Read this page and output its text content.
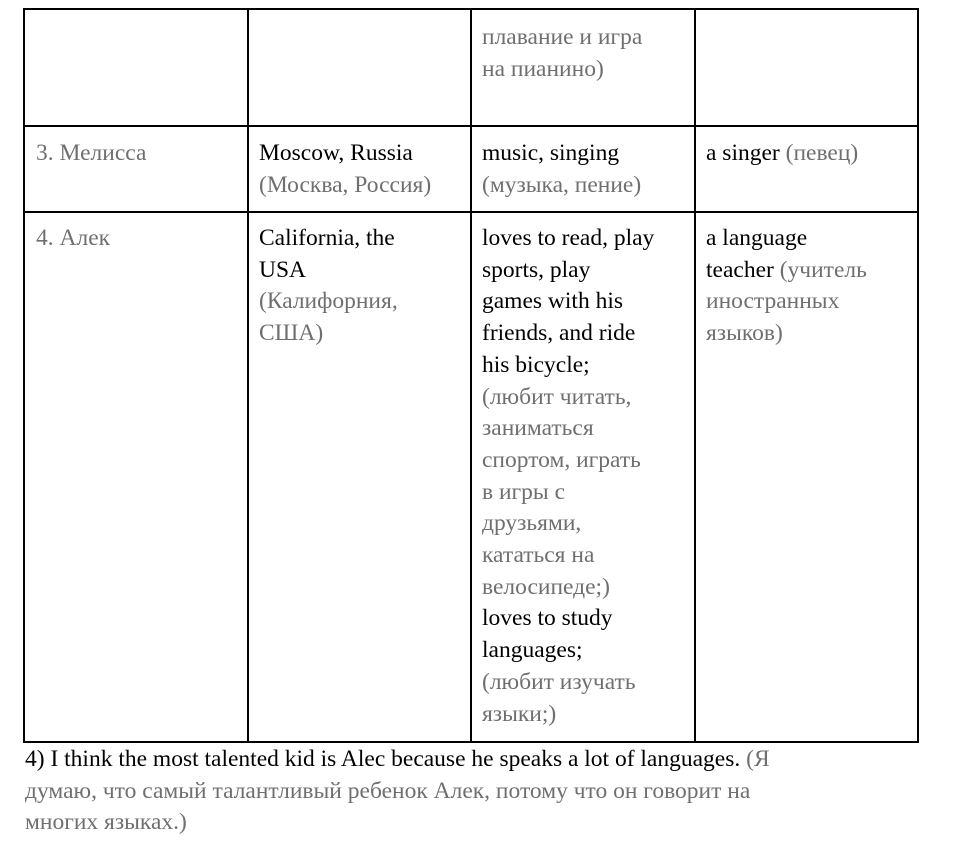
плавание и игра
на пианино)
3. Мелисса	Moscow, Russia
(Москва, Россия)
music, singing
(музыка, пение)
a singer (певец)
4. Алек	California, the
USA
(Калифорния,
США)
loves to read, play
sports, play
games with his
friends, and ride
his bicycle;
(любит читать,
заниматься
спортом, играть
в игры с
друзьями,
кататься на
велосипеде;)
loves to study
languages;
(любит изучать
языки;)
a language
teacher (учитель
иностранных
языков)
4) I think the most talented kid is Alec because he speaks a lot of languages. (Я
думаю, что самый талантливый ребенок Алек, потому что он говорит на
многих языках.)
